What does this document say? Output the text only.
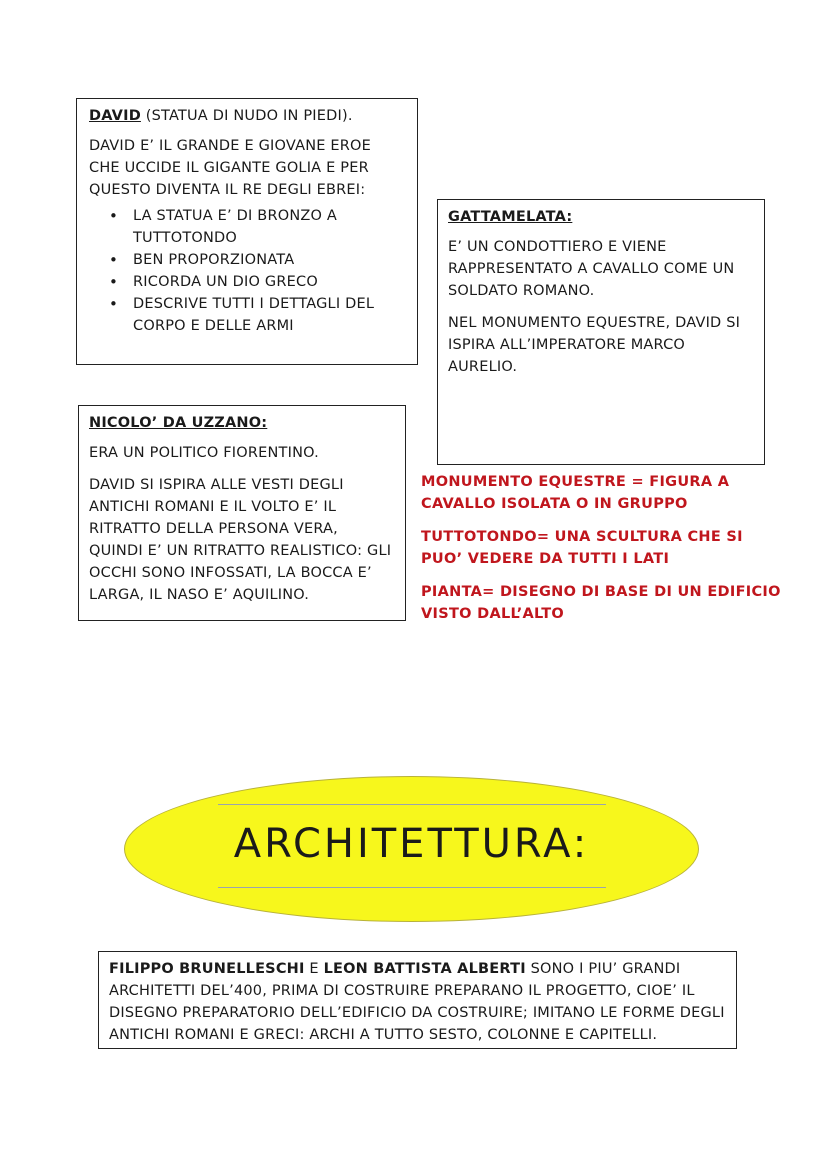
DAVID (STATUA DI NUDO IN PIEDI).

DAVID E’ IL GRANDE E GIOVANE EROE CHE UCCIDE IL GIGANTE GOLIA E PER QUESTO DIVENTA IL RE DEGLI EBREI:

• LA STATUA E’ DI BRONZO A TUTTOTONDO
• BEN PROPORZIONATA
• RICORDA UN DIO GRECO
• DESCRIVE TUTTI I DETTAGLI DEL CORPO E DELLE ARMI

GATTAMELATA:

E’ UN CONDOTTIERO E VIENE RAPPRESENTATO A CAVALLO COME UN SOLDATO ROMANO.

NEL MONUMENTO EQUESTRE, DAVID SI ISPIRA ALL’IMPERATORE MARCO AURELIO.

NICOLO’ DA UZZANO:

ERA UN POLITICO FIORENTINO.

DAVID SI ISPIRA ALLE VESTI DEGLI ANTICHI ROMANI E IL VOLTO E’ IL RITRATTO DELLA PERSONA VERA, QUINDI E’ UN RITRATTO REALISTICO: GLI OCCHI SONO INFOSSATI, LA BOCCA E’ LARGA, IL NASO E’ AQUILINO.

MONUMENTO EQUESTRE = FIGURA A CAVALLO ISOLATA O IN GRUPPO

TUTTOTONDO= UNA SCULTURA CHE SI PUO’ VEDERE DA TUTTI I LATI

PIANTA= DISEGNO DI BASE DI UN EDIFICIO VISTO DALL’ALTO

ARCHITETTURA:
FILIPPO BRUNELLESCHI E LEON BATTISTA ALBERTI SONO I PIU’ GRANDI ARCHITETTI DEL’400, PRIMA DI COSTRUIRE PREPARANO IL PROGETTO, CIOE’ IL DISEGNO PREPARATORIO DELL’EDIFICIO DA COSTRUIRE; IMITANO LE FORME DEGLI ANTICHI ROMANI E GRECI: ARCHI A TUTTO SESTO, COLONNE E CAPITELLI.
